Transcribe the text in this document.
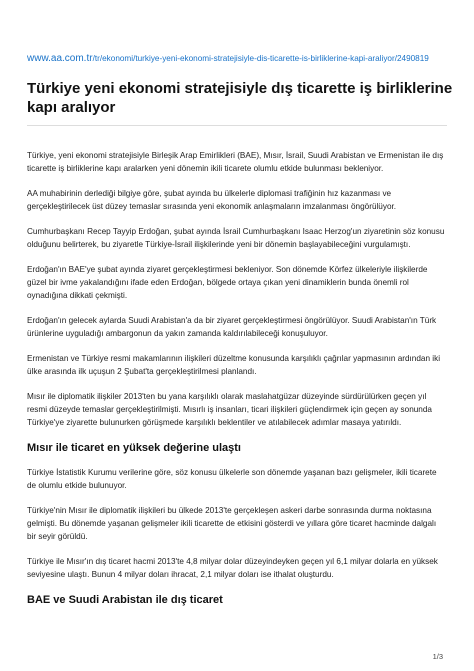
www.aa.com.tr/tr/ekonomi/turkiye-yeni-ekonomi-stratejisiyle-dis-ticarette-is-birliklerine-kapi-araliyor/2490819
Türkiye yeni ekonomi stratejisiyle dış ticarette iş birliklerine kapı aralıyor

Türkiye, yeni ekonomi stratejisiyle Birleşik Arap Emirlikleri (BAE), Mısır, İsrail, Suudi Arabistan ve Ermenistan ile dış ticarette iş birliklerine kapı aralarken yeni dönemin ikili ticarete olumlu etkide bulunması bekleniyor.

AA muhabirinin derlediği bilgiye göre, şubat ayında bu ülkelerle diplomasi trafiğinin hız kazanması ve gerçekleştirilecek üst düzey temaslar sırasında yeni ekonomik anlaşmaların imzalanması öngörülüyor.

Cumhurbaşkanı Recep Tayyip Erdoğan, şubat ayında İsrail Cumhurbaşkanı Isaac Herzog'un ziyaretinin söz konusu olduğunu belirterek, bu ziyaretle Türkiye-İsrail ilişkilerinde yeni bir dönemin başlayabileceğini vurgulamıştı.

Erdoğan'ın BAE'ye şubat ayında ziyaret gerçekleştirmesi bekleniyor. Son dönemde Körfez ülkeleriyle ilişkilerde güzel bir ivme yakalandığını ifade eden Erdoğan, bölgede ortaya çıkan yeni dinamiklerin bunda önemli rol oynadığına dikkati çekmişti.

Erdoğan'ın gelecek aylarda Suudi Arabistan'a da bir ziyaret gerçekleştirmesi öngörülüyor. Suudi Arabistan'ın Türk ürünlerine uyguladığı ambargonun da yakın zamanda kaldırılabileceği konuşuluyor.

Ermenistan ve Türkiye resmi makamlarının ilişkileri düzeltme konusunda karşılıklı çağrılar yapmasının ardından iki ülke arasında ilk uçuşun 2 Şubat'ta gerçekleştirilmesi planlandı.

Mısır ile diplomatik ilişkiler 2013'ten bu yana karşılıklı olarak maslahatgüzar düzeyinde sürdürülürken geçen yıl resmi düzeyde temaslar gerçekleştirilmişti. Mısırlı iş insanları, ticari ilişkileri güçlendirmek için geçen ay sonunda Türkiye'ye ziyarette bulunurken görüşmede karşılıklı beklentiler ve atılabilecek adımlar masaya yatırıldı.

Mısır ile ticaret en yüksek değerine ulaştı

Türkiye İstatistik Kurumu verilerine göre, söz konusu ülkelerle son dönemde yaşanan bazı gelişmeler, ikili ticarete de olumlu etkide bulunuyor.

Türkiye'nin Mısır ile diplomatik ilişkileri bu ülkede 2013'te gerçekleşen askeri darbe sonrasında durma noktasına gelmişti. Bu dönemde yaşanan gelişmeler ikili ticarette de etkisini gösterdi ve yıllara göre ticaret hacminde dalgalı bir seyir görüldü.

Türkiye ile Mısır'ın dış ticaret hacmi 2013'te 4,8 milyar dolar düzeyindeyken geçen yıl 6,1 milyar dolarla en yüksek seviyesine ulaştı. Bunun 4 milyar doları ihracat, 2,1 milyar doları ise ithalat oluşturdu.

BAE ve Suudi Arabistan ile dış ticaret
1/3
